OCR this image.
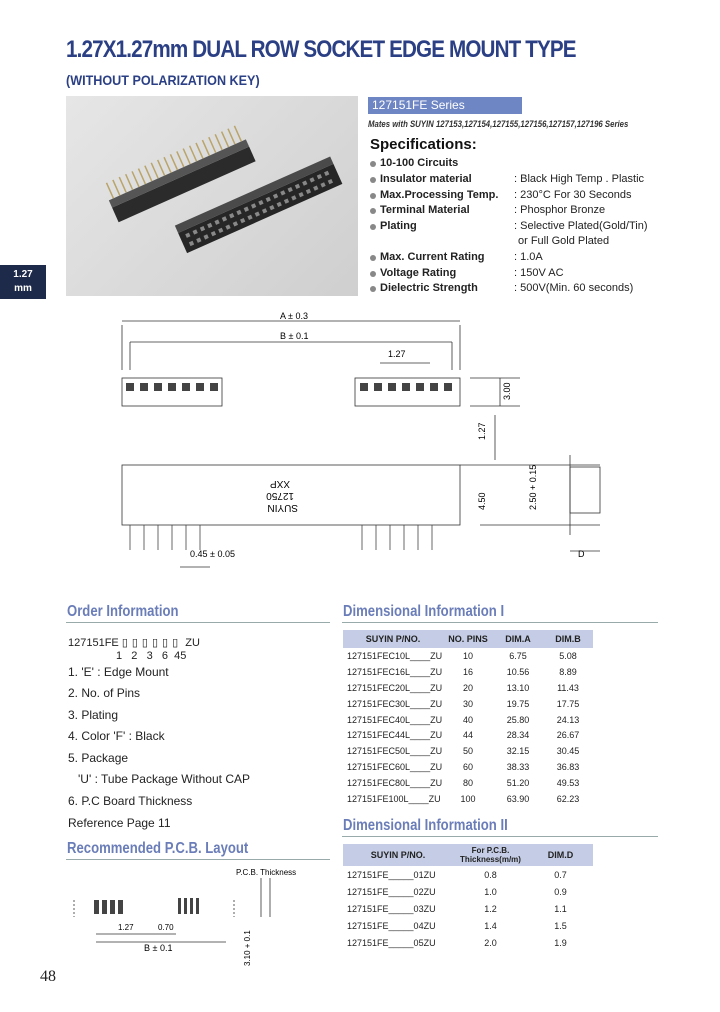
1.27X1.27mm DUAL ROW SOCKET EDGE MOUNT TYPE
(WITHOUT POLARIZATION KEY)
1.27
mm
127151FE Series
Mates with SUYIN 127153,127154,127155,127156,127157,127196 Series
Specifications:
10-100 Circuits
Insulator material	: Black High Temp . Plastic
Max.Processing Temp. : 230°C For 30 Seconds
Terminal Material	: Phosphor Bronze
Plating	: Selective Plated(Gold/Tin)
or Full Gold Plated
Max. Current Rating	: 1.0A
Voltage Rating	: 150V AC
Dielectric Strength	: 500V(Min. 60 seconds)
A ± 0.3
B ± 0.1
1.27
3.00
1.27
4.50	2.50 + 0.15
0.45 ± 0.05	D
SUYIN
12750
XXP
Order Information
127151FE ▯▯▯▯▯▯ ZU
1   2   3   6  45
1. 'E' : Edge Mount
2. No. of Pins
3. Plating
4. Color 'F' : Black
5. Package
'U' : Tube Package Without CAP
6. P.C Board Thickness
Reference Page 11
Dimensional Information I
SUYIN P/NO.	NO. PINS	DIM.A	DIM.B
127151FEC10L____ZU	10	6.75	5.08
127151FEC16L____ZU	16	10.56	8.89
127151FEC20L____ZU	20	13.10	11.43
127151FEC30L____ZU	30	19.75	17.75
127151FEC40L____ZU	40	25.80	24.13
127151FEC44L____ZU	44	28.34	26.67
127151FEC50L____ZU	50	32.15	30.45
127151FEC60L____ZU	60	38.33	36.83
127151FEC80L____ZU	80	51.20	49.53
127151FE100L____ZU	100	63.90	62.23
Dimensional Information II
SUYIN P/NO.	For P.C.B. Thickness(m/m)	DIM.D
127151FE_____01ZU	0.8	0.7
127151FE_____02ZU	1.0	0.9
127151FE_____03ZU	1.2	1.1
127151FE_____04ZU	1.4	1.5
127151FE_____05ZU	2.0	1.9
Recommended P.C.B. Layout
P.C.B. Thickness
1.27	0.70
B ± 0.1	3.10 + 0.1
48
